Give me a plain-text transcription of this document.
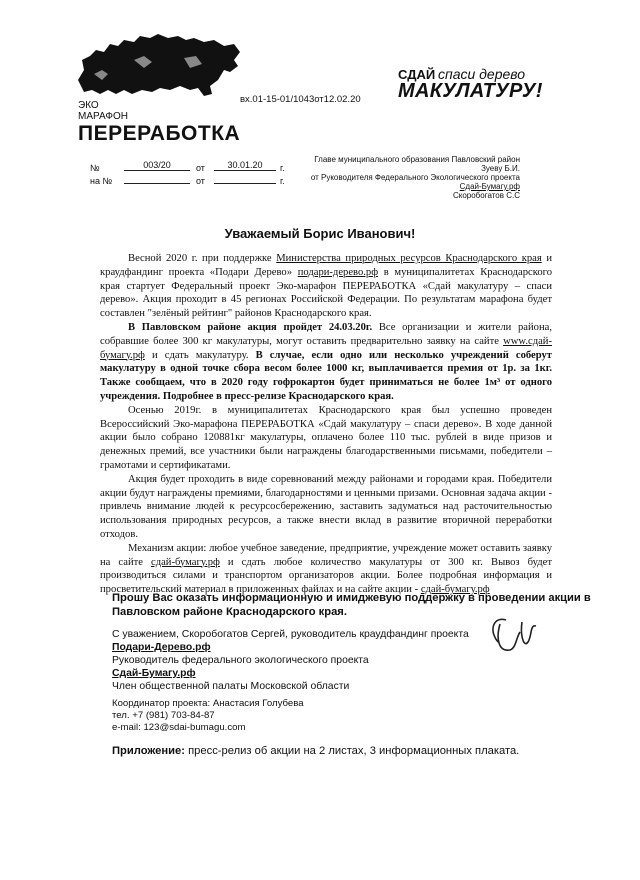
ЭКО
МАРАФОН
ПЕРЕРАБОТКА
вх.01-15-01/1043от12.02.20
СДАЙ спаси дерево
МАКУЛАТУРУ!
№	003/20	от	30.01.20	г.
на №	от	г.
Главе муниципального образования Павловский район
Зуеву Б.И.
от Руководителя Федерального Экологического проекта
Сдай-Бумагу.рф
Скоробогатов С.С
Уважаемый Борис Иванович!

Весной 2020 г. при поддержке Министерства природных ресурсов Краснодарского края и краудфандинг проекта «Подари Дерево» подари-дерево.рф в муниципалитетах Краснодарского края стартует Федеральный проект Эко-марафон ПЕРЕРАБОТКА «Сдай макулатуру – спаси дерево». Акция проходит в 45 регионах Российской Федерации. По результатам марафона будет составлен "зелёный рейтинг" районов Краснодарского края.

В Павловском районе акция пройдет 24.03.20г. Все организации и жители района, собравшие более 300 кг макулатуры, могут оставить предварительно заявку на сайте www.сдай-бумагу.рф и сдать макулатуру. В случае, если одно или несколько учреждений соберут макулатуру в одной точке сбора весом более 1000 кг, выплачивается премия от 1р. за 1кг. Также сообщаем, что в 2020 году гофрокартон будет приниматься не более 1м³ от одного учреждения. Подробнее в пресс-релизе Краснодарского края.

Осенью 2019г. в муниципалитетах Краснодарского края был успешно проведен Всероссийский Эко-марафона ПЕРЕРАБОТКА «Сдай макулатуру – спаси дерево». В ходе данной акции было собрано 120881кг макулатуры, оплачено более 110 тыс. рублей в виде призов и денежных премий, все участники были награждены благодарственными письмами, победители – грамотами и сертификатами.

Акция будет проходить в виде соревнований между районами и городами края. Победители акции будут награждены премиями, благодарностями и ценными призами. Основная задача акции - привлечь внимание людей к ресурсосбережению, заставить задуматься над расточительностью использования природных ресурсов, а также внести вклад в развитие вторичной переработки отходов.

Механизм акции: любое учебное заведение, предприятие, учреждение может оставить заявку на сайте сдай-бумагу.рф и сдать любое количество макулатуры от 300 кг. Вывоз будет производиться силами и транспортом организаторов акции. Более подробная информация и просветительский материал в приложенных файлах и на сайте акции - сдай-бумагу.рф

Прошу Вас оказать информационную и имиджевую поддержку в проведении акции в Павловском районе Краснодарского края.
С уважением, Скоробогатов Сергей, руководитель краудфандинг проекта
Подари-Дерево.рф
Руководитель федерального экологического проекта
Сдай-Бумагу.рф
Член общественной палаты Московской области
Координатор проекта: Анастасия Голубева
тел. +7 (981) 703-84-87
e-mail: 123@sdai-bumagu.com
Приложение: пресс-релиз об акции на 2 листах, 3 информационных плаката.
